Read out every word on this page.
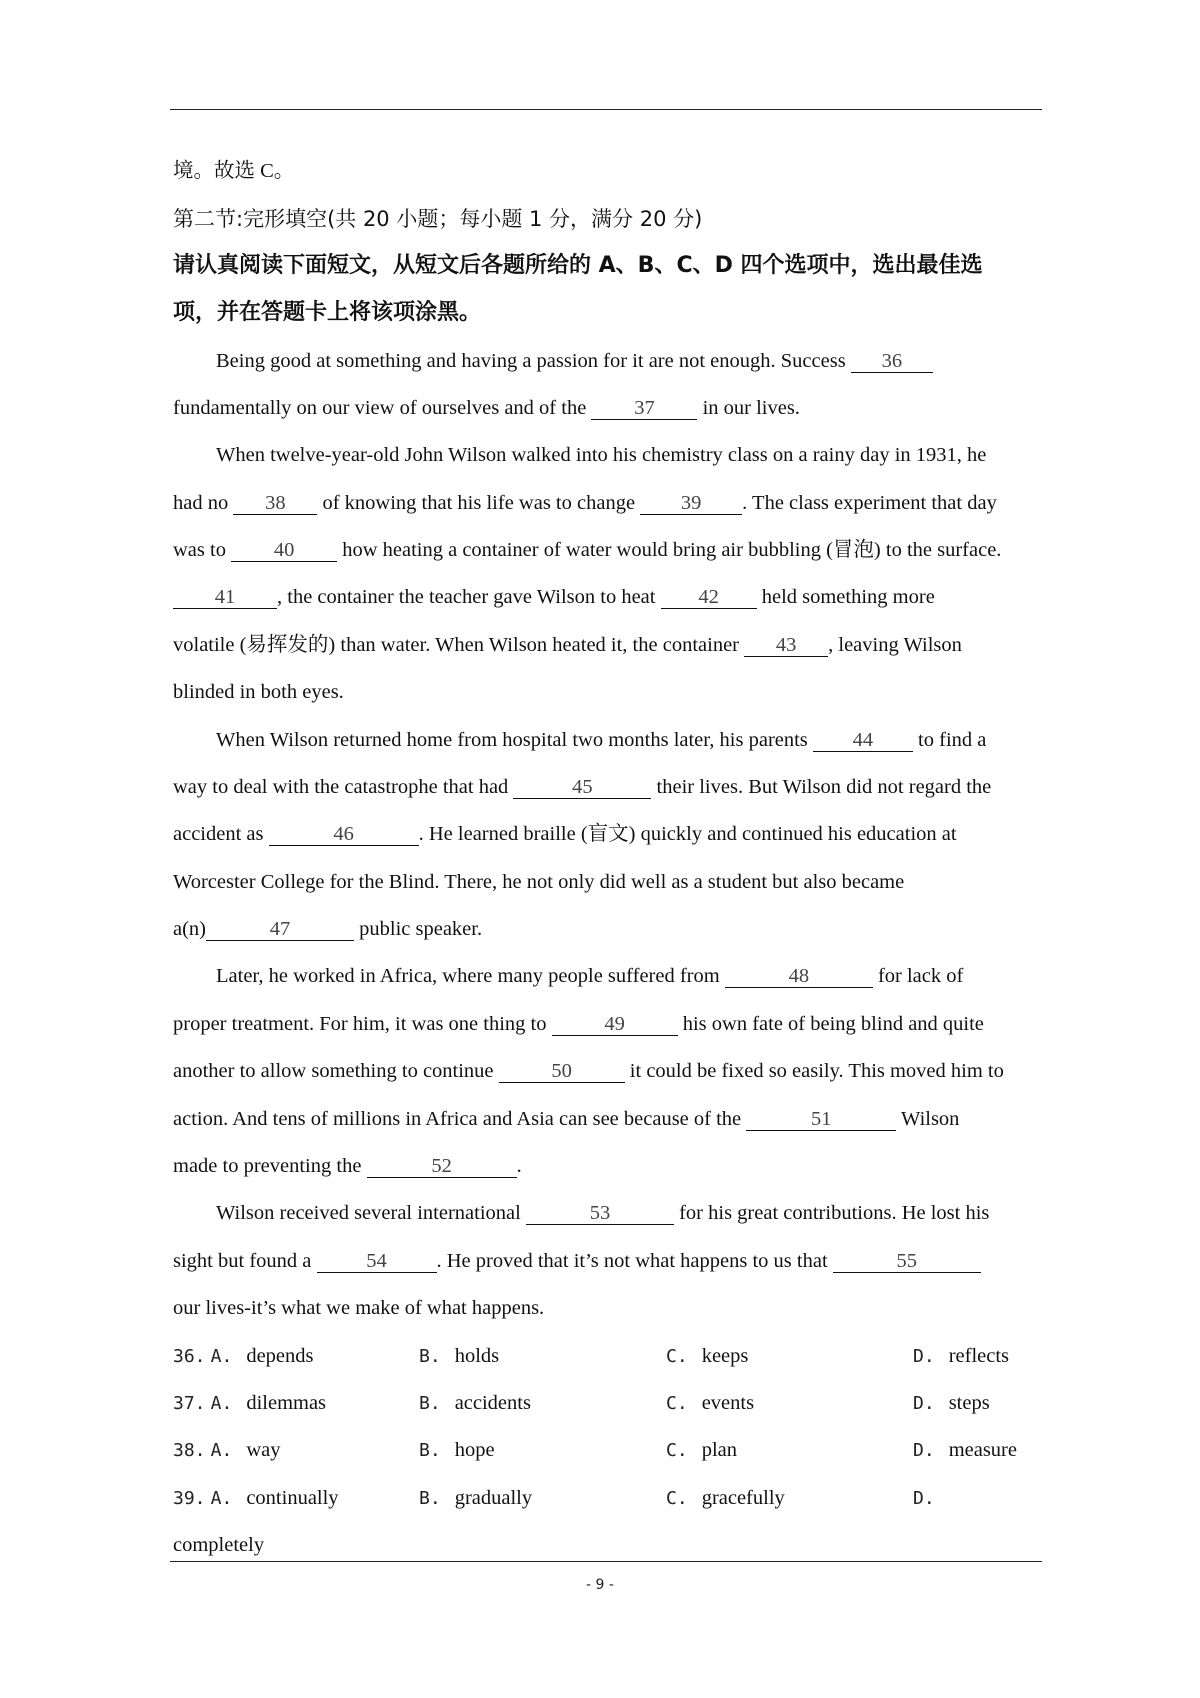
境。故选 C。
第二节:完形填空(共 20 小题；每小题 1 分，满分 20 分)
请认真阅读下面短文，从短文后各题所给的 A、B、C、D 四个选项中，选出最佳选
项，并在答题卡上将该项涂黑。
Being good at something and having a passion for it are not enough. Success 36
fundamentally on our view of ourselves and of the 37 in our lives.
When twelve-year-old John Wilson walked into his chemistry class on a rainy day in 1931, he
had no 38 of knowing that his life was to change 39 . The class experiment that day
was to 40 how heating a container of water would bring air bubbling (冒泡) to the surface.
41 , the container the teacher gave Wilson to heat 42 held something more
volatile (易挥发的) than water. When Wilson heated it, the container 43 , leaving Wilson
blinded in both eyes.
When Wilson returned home from hospital two months later, his parents 44 to find a
way to deal with the catastrophe that had	45	their lives. But Wilson did not regard the
accident as	46	. He learned braille (盲文) quickly and continued his education at
Worcester College for the Blind. There, he not only did well as a student but also became
a(n)	47	public speaker.
Later, he worked in Africa, where many people suffered from	48	for lack of
proper treatment. For him, it was one thing to	49	his own fate of being blind and quite
another to allow something to continue	50	it could be fixed so easily. This moved him to
action. And tens of millions in Africa and Asia can see because of the	51	Wilson
made to preventing the	52	.
Wilson received several international	53	for his great contributions. He lost his
sight but found a 54 . He proved that it’s not what happens to us that	55
our lives-it’s what we make of what happens.
36. A. depends	B. holds	C. keeps	D. reflects
37. A. dilemmas	B. accidents	C. events	D. steps
38. A. way	B. hope	C. plan	D. measure
39. A. continually	B. gradually	C. gracefully	D.
completely
- 9 -
